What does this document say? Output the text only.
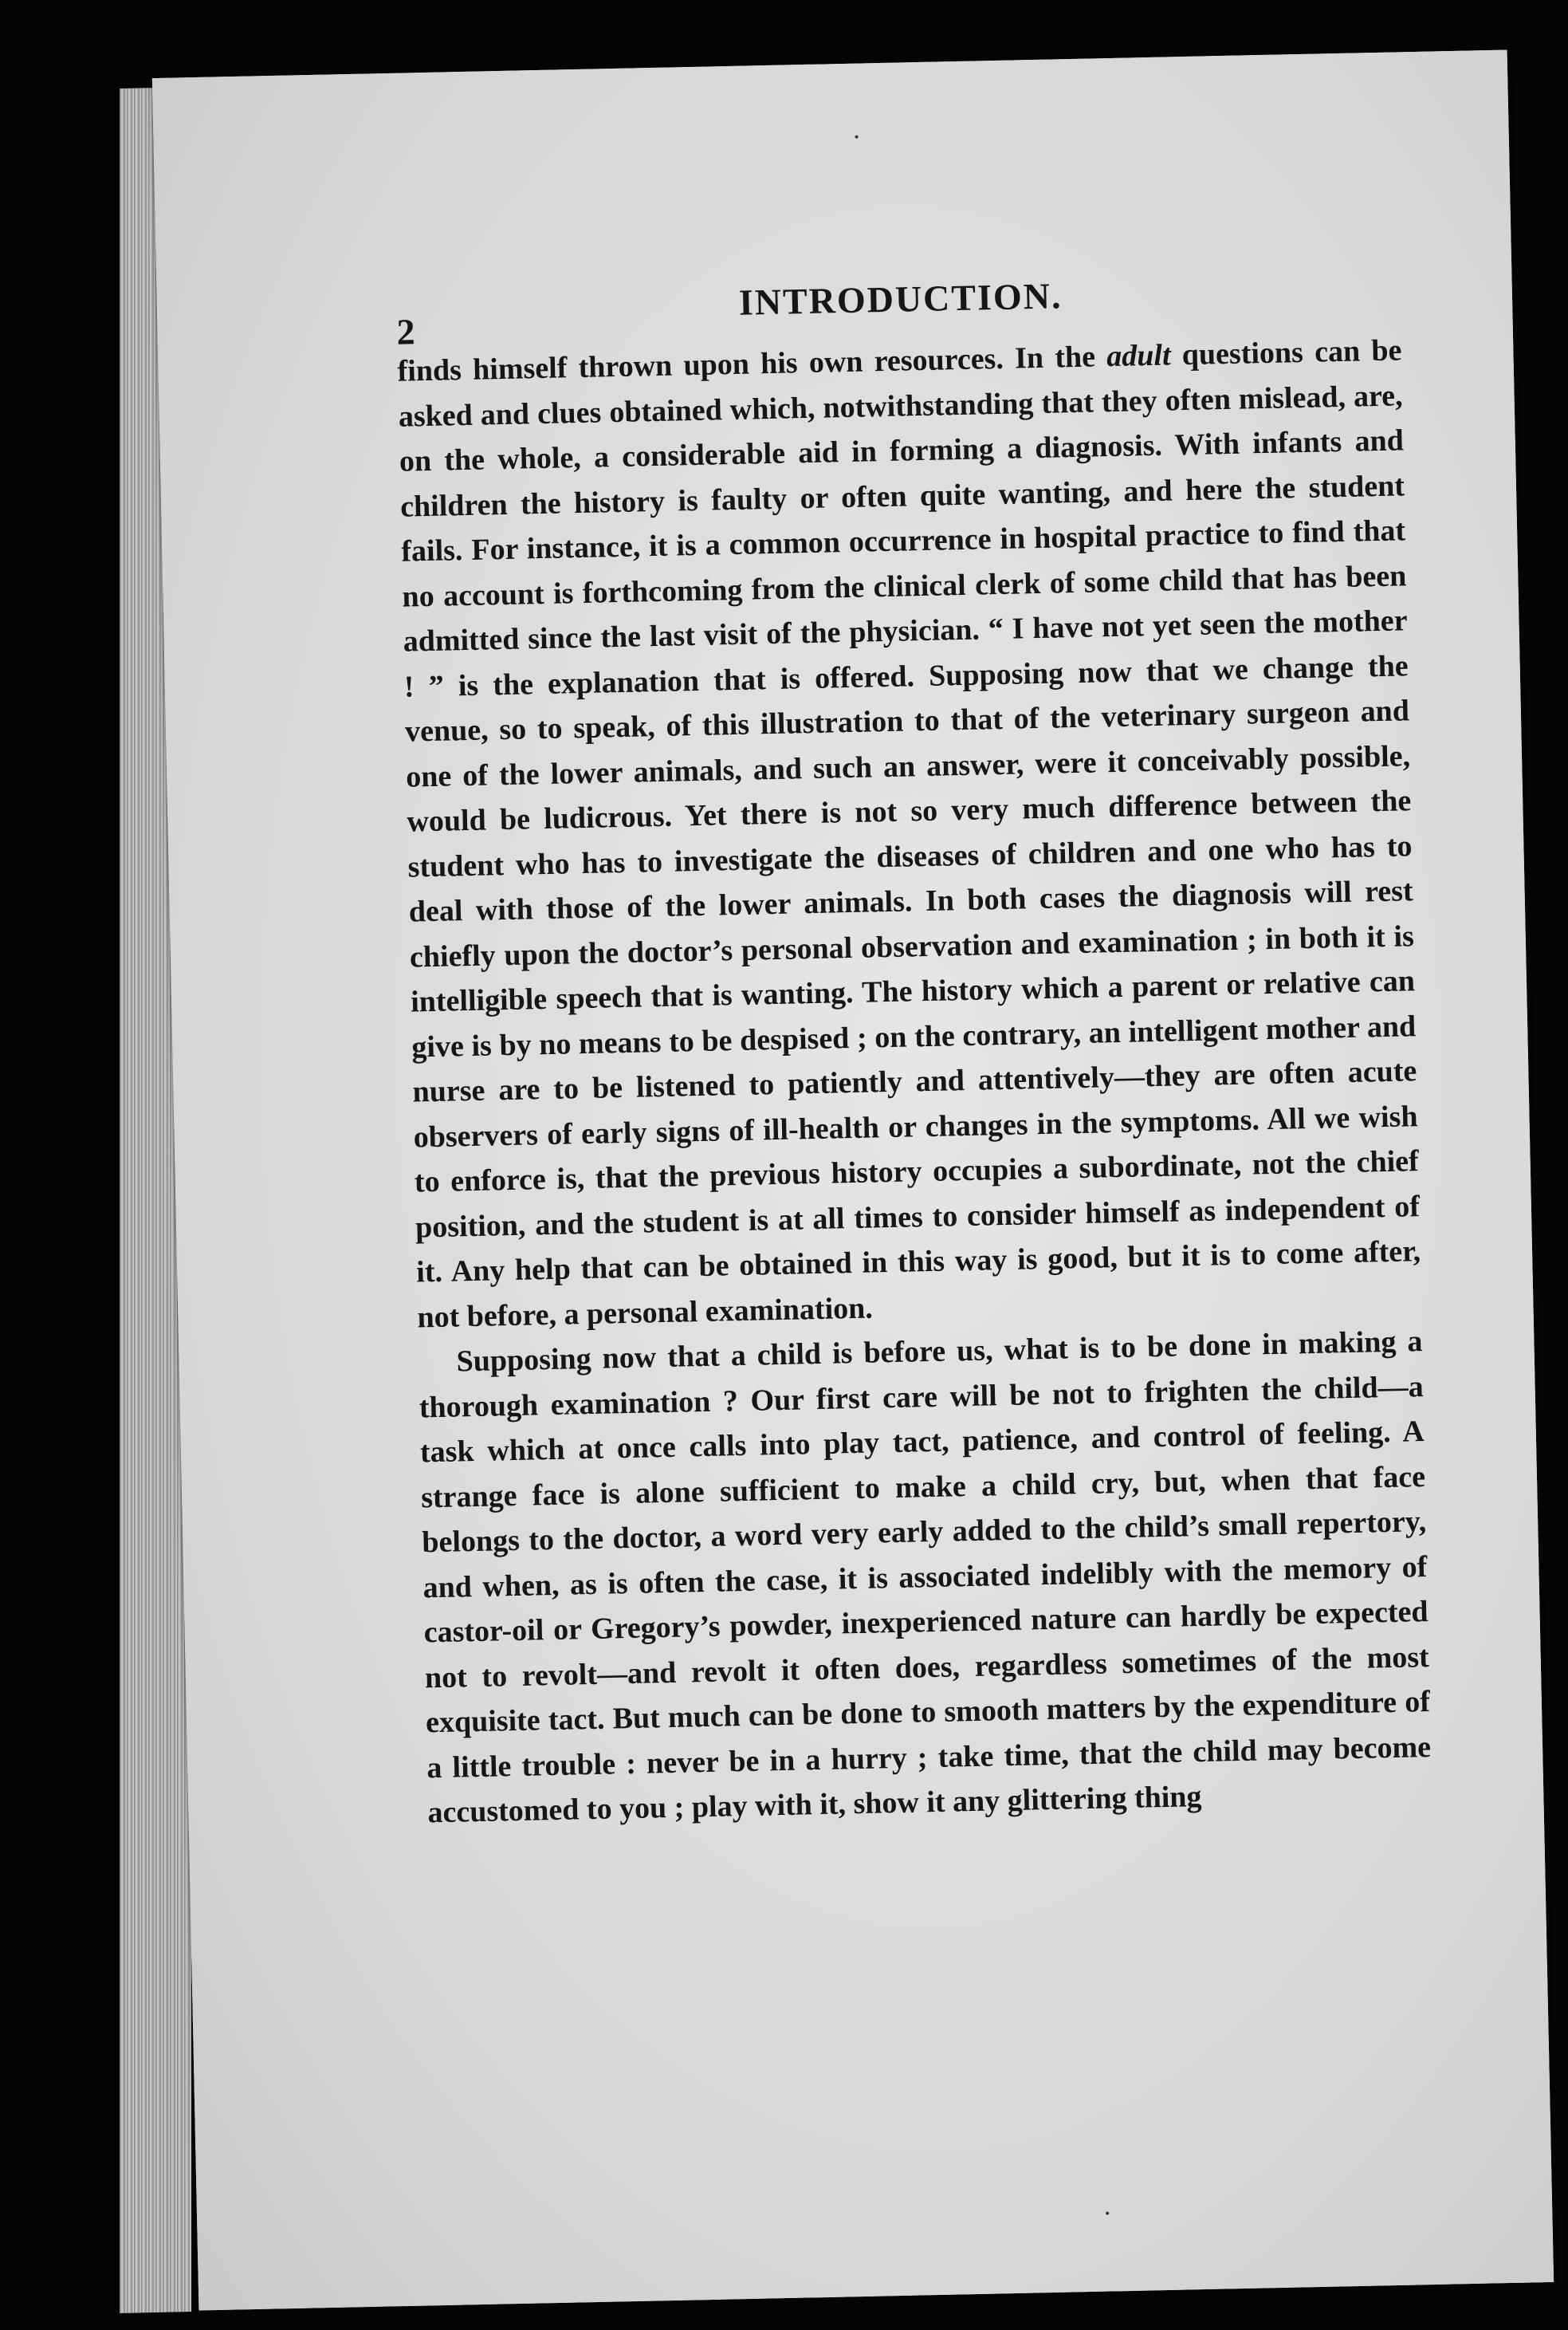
2
INTRODUCTION.

finds himself thrown upon his own resources. In the adult questions can be asked and clues obtained which, notwithstanding that they often mislead, are, on the whole, a considerable aid in forming a diagnosis. With infants and children the history is faulty or often quite wanting, and here the student fails. For instance, it is a common occurrence in hospital practice to find that no account is forthcoming from the clinical clerk of some child that has been admitted since the last visit of the physician. “ I have not yet seen the mother ! ” is the explanation that is offered. Supposing now that we change the venue, so to speak, of this illustration to that of the veterinary surgeon and one of the lower animals, and such an answer, were it conceivably possible, would be ludicrous. Yet there is not so very much difference between the student who has to investigate the diseases of children and one who has to deal with those of the lower animals. In both cases the diagnosis will rest chiefly upon the doctor’s personal observation and examination ; in both it is intelligible speech that is wanting. The history which a parent or relative can give is by no means to be despised ; on the contrary, an intelligent mother and nurse are to be listened to patiently and attentively—they are often acute observers of early signs of ill-health or changes in the symptoms. All we wish to enforce is, that the previous history occupies a subordinate, not the chief position, and the student is at all times to consider himself as independent of it. Any help that can be obtained in this way is good, but it is to come after, not before, a personal examination.

Supposing now that a child is before us, what is to be done in making a thorough examination ? Our first care will be not to frighten the child—a task which at once calls into play tact, patience, and control of feeling. A strange face is alone sufficient to make a child cry, but, when that face belongs to the doctor, a word very early added to the child’s small repertory, and when, as is often the case, it is associated indelibly with the memory of castor-oil or Gregory’s powder, inexperienced nature can hardly be expected not to revolt—and revolt it often does, regardless sometimes of the most exquisite tact. But much can be done to smooth matters by the expenditure of a little trouble : never be in a hurry ; take time, that the child may become accustomed to you ; play with it, show it any glittering thing
